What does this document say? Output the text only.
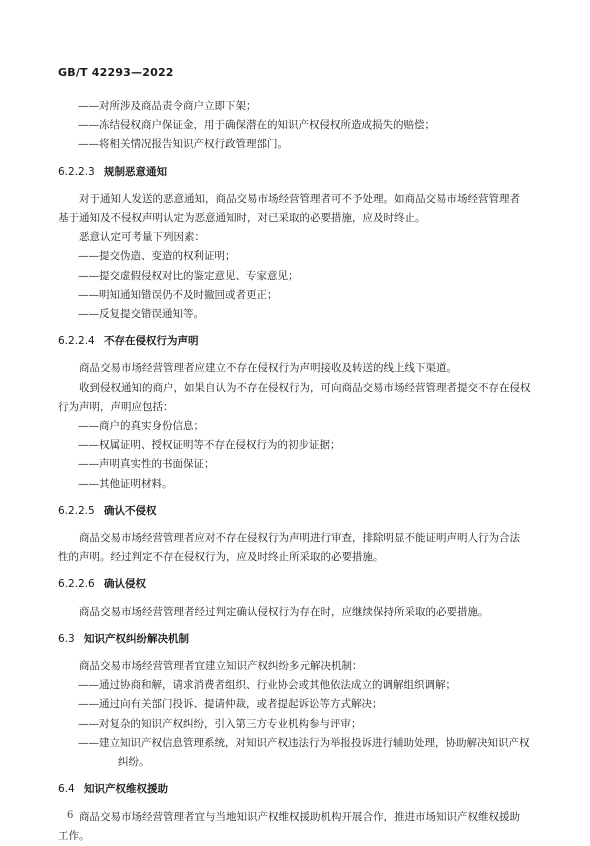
GB/T 42293—2022
——对所涉及商品责令商户立即下架；
——冻结侵权商户保证金，用于确保潜在的知识产权侵权所造成损失的赔偿；
——将相关情况报告知识产权行政管理部门。
6.2.2.3 规制恶意通知
对于通知人发送的恶意通知，商品交易市场经营管理者可不予处理。如商品交易市场经营管理者
基于通知及不侵权声明认定为恶意通知时，对已采取的必要措施，应及时终止。
恶意认定可考量下列因素：
——提交伪造、变造的权利证明；
——提交虚假侵权对比的鉴定意见、专家意见；
——明知通知错误仍不及时撤回或者更正；
——反复提交错误通知等。
6.2.2.4 不存在侵权行为声明
商品交易市场经营管理者应建立不存在侵权行为声明接收及转送的线上线下渠道。
收到侵权通知的商户，如果自认为不存在侵权行为，可向商品交易市场经营管理者提交不存在侵权
行为声明，声明应包括：
——商户的真实身份信息；
——权属证明、授权证明等不存在侵权行为的初步证据；
——声明真实性的书面保证；
——其他证明材料。
6.2.2.5 确认不侵权
商品交易市场经营管理者应对不存在侵权行为声明进行审查，排除明显不能证明声明人行为合法
性的声明。经过判定不存在侵权行为，应及时终止所采取的必要措施。
6.2.2.6 确认侵权
商品交易市场经营管理者经过判定确认侵权行为存在时，应继续保持所采取的必要措施。
6.3 知识产权纠纷解决机制
商品交易市场经营管理者宜建立知识产权纠纷多元解决机制：
——通过协商和解，请求消费者组织、行业协会或其他依法成立的调解组织调解；
——通过向有关部门投诉、提请仲裁，或者提起诉讼等方式解决；
——对复杂的知识产权纠纷，引入第三方专业机构参与评审；
——建立知识产权信息管理系统，对知识产权违法行为举报投诉进行辅助处理，协助解决知识产权
纠纷。
6.4 知识产权维权援助
商品交易市场经营管理者宜与当地知识产权维权援助机构开展合作，推进市场知识产权维权援助
工作。
6
